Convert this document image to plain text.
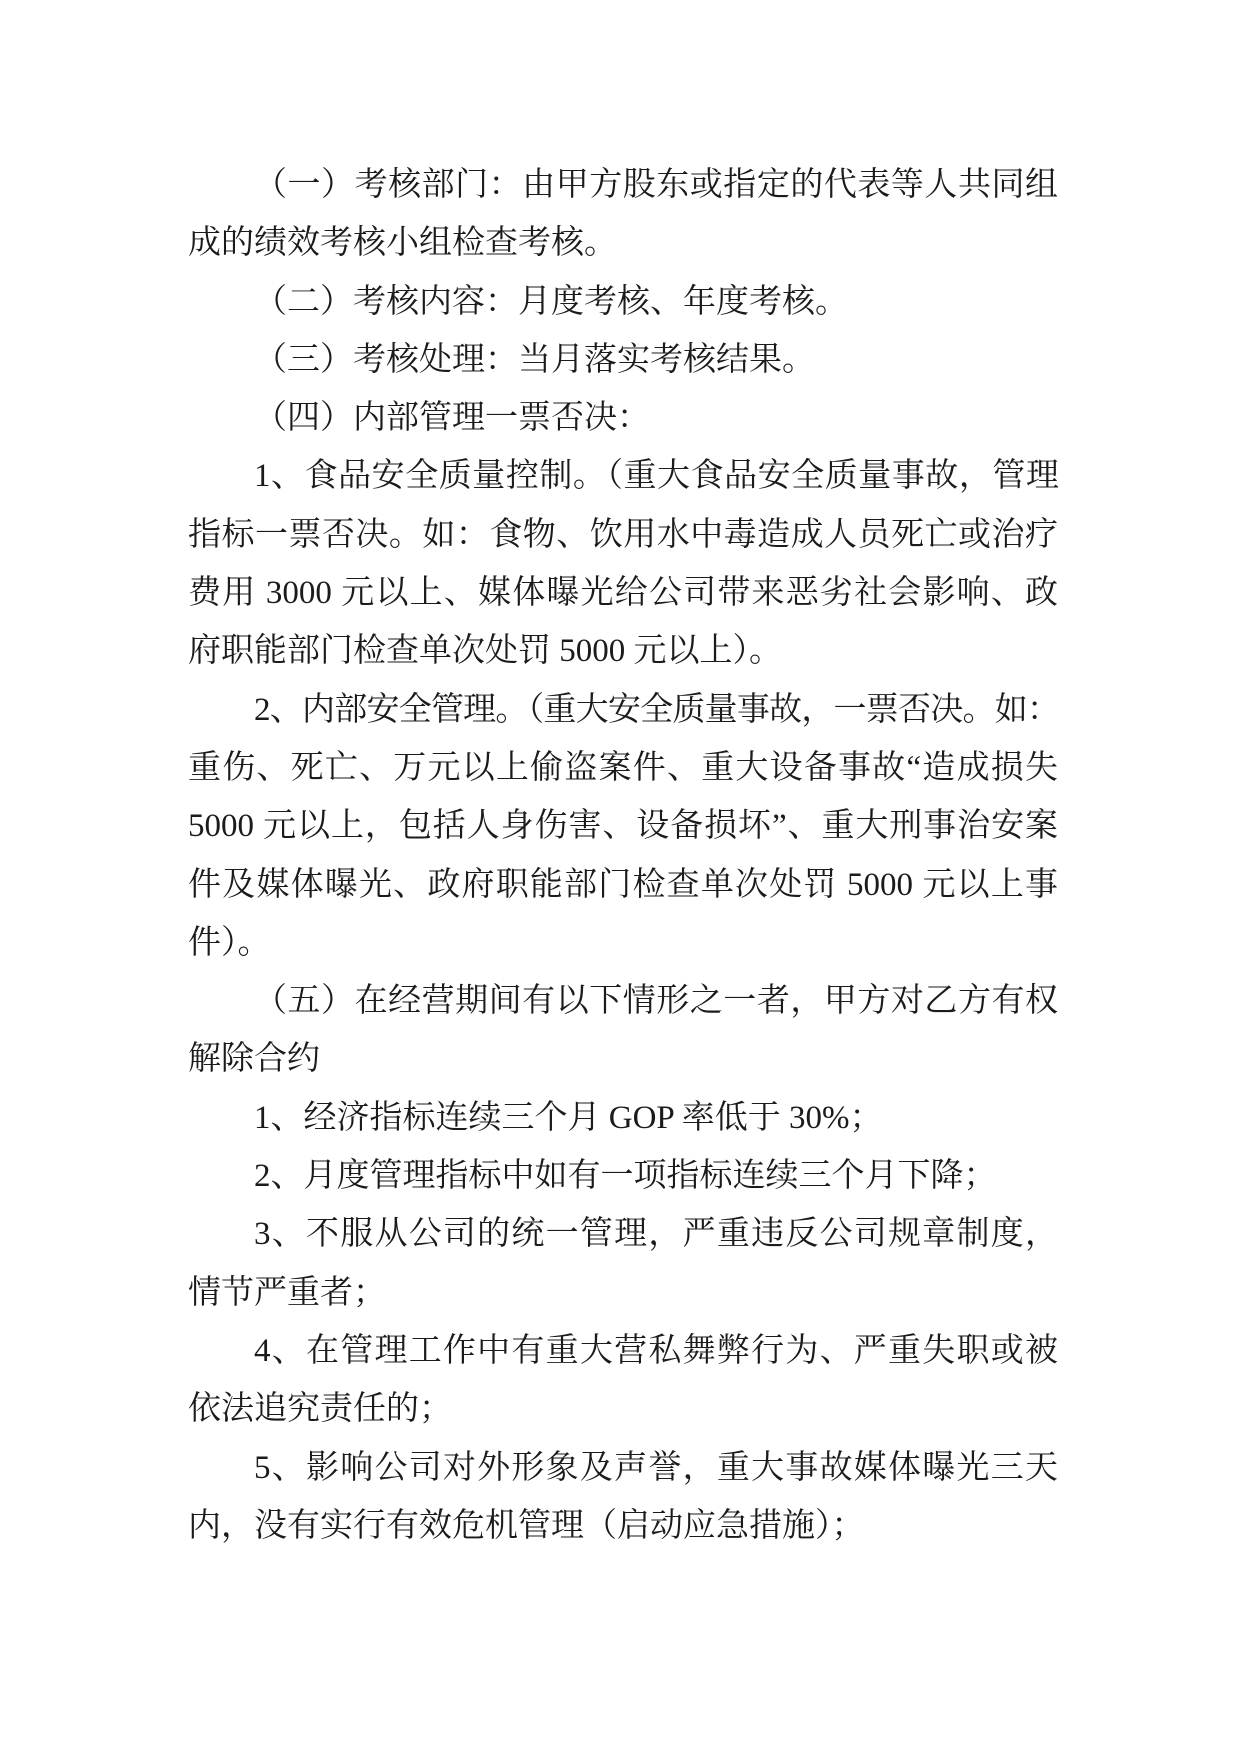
（一）考核部门：由甲方股东或指定的代表等人共同组
成的绩效考核小组检查考核。
（二）考核内容：月度考核、年度考核。
（三）考核处理：当月落实考核结果。
（四）内部管理一票否决：
1、食品安全质量控制。（重大食品安全质量事故，管理
指标一票否决。如：食物、饮用水中毒造成人员死亡或治疗
费用 3000 元以上、媒体曝光给公司带来恶劣社会影响、政
府职能部门检查单次处罚 5000 元以上）。
2、内部安全管理。（重大安全质量事故，一票否决。如：
重伤、死亡、万元以上偷盗案件、重大设备事故“造成损失
5000 元以上，包括人身伤害、设备损坏”、重大刑事治安案
件及媒体曝光、政府职能部门检查单次处罚 5000 元以上事
件）。
（五）在经营期间有以下情形之一者，甲方对乙方有权
解除合约
1、经济指标连续三个月 GOP 率低于 30%；
2、月度管理指标中如有一项指标连续三个月下降；
3、不服从公司的统一管理，严重违反公司规章制度，
情节严重者；
4、在管理工作中有重大营私舞弊行为、严重失职或被
依法追究责任的；
5、影响公司对外形象及声誉，重大事故媒体曝光三天
内，没有实行有效危机管理（启动应急措施）；
